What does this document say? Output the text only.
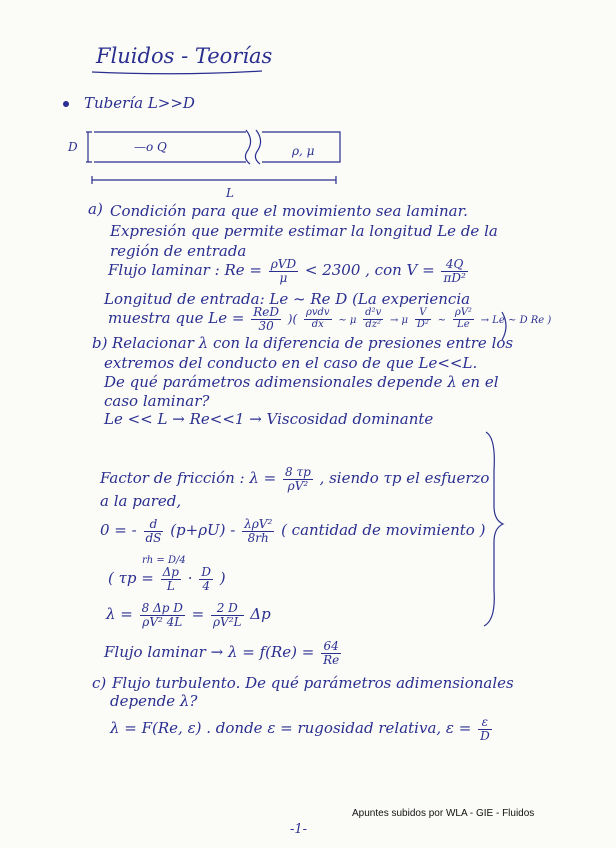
Fluidos - Teorías
Tubería L>>D
D	—o Q	ρ, μ
L
a) Condición para que el movimiento sea laminar.
Expresión que permite estimar la longitud Le de la
región de entrada
Flujo laminar : $Re = \frac{\text{ρVD}}{\mu} < 2300$ , con $V = \frac{4Q}{\text{πD²}}$
Longitud de entrada: Le ~ Re D (La experiencia
muestra que $Le = \frac{\text{ReD}}{30}$ )( $\frac{\text{ρvdv}}{dx}$ ~ μ $\frac{\text{d²v}}{\text{dz²}} \to \mu \frac{V}{\text{D²}}$ ~ $\frac{\text{ρV²}}{Le} \to Le$ ~ D Re )
b) Relacionar λ con la diferencia de presiones entre los
extremos del conducto en el caso de que Le<<L.
De qué parámetros adimensionales depende λ en el
caso laminar?
Le << L → Re<<1 → Viscosidad dominante
Factor de fricción : $\lambda = \frac{8 \tau p}{\text{ρV²}}$ , siendo τp el esfuerzo
a la pared,
0 = - $\frac{d}{dS} (p+\rho U) - \frac{\text{λρV²}}{8rh}$ ( cantidad de movimiento )
rh = D/4
( $\tau p = \frac{\Delta p}{L} \cdot \frac{D}{4}$ )
$\lambda = \frac{\text{8 Δp D}}{\text{ρV² 4L}} = \frac{2 D}{\text{ρV²L}}$ Δp
Flujo laminar → $\lambda = f(Re) = \frac{64}{Re}$
c) Flujo turbulento. De qué parámetros adimensionales
depende λ?
λ = F(Re, ε) . donde ε = rugosidad relativa, $\varepsilon = \frac{\varepsilon}{D}$
Apuntes subidos por WLA - GIE - Fluidos
-1-
